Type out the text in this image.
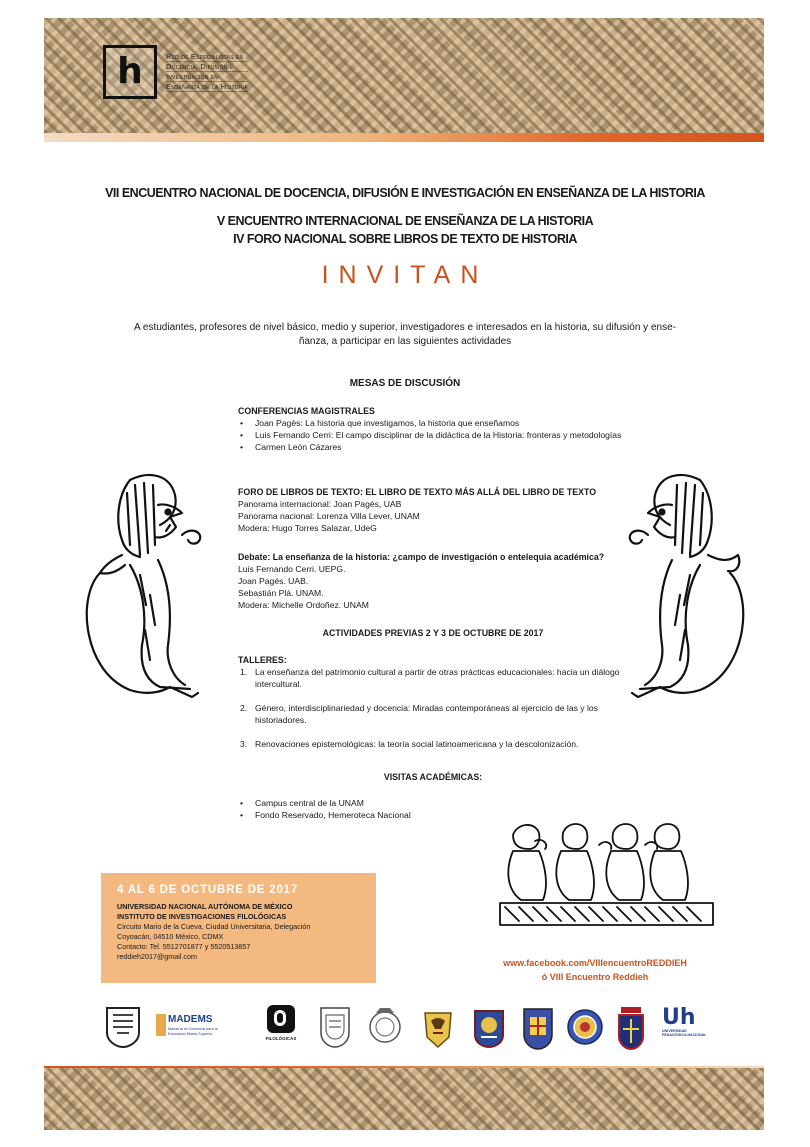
h	Red de Especialistas en
Docencia, Difusión e
Investigación en
Enseñanza de la Historia
VII ENCUENTRO NACIONAL DE DOCENCIA, DIFUSIÓN E INVESTIGACIÓN EN ENSEÑANZA DE LA HISTORIA
V ENCUENTRO INTERNACIONAL DE ENSEÑANZA DE LA HISTORIA
IV FORO NACIONAL SOBRE LIBROS DE TEXTO DE HISTORIA
INVITAN
A estudiantes, profesores de nivel básico, medio y superior, investigadores e interesados en la historia, su difusión y ense-ñanza, a participar en las siguientes actividades
MESAS DE DISCUSIÓN
CONFERENCIAS MAGISTRALES
• Joan Pagès: La historia que investigamos, la historia que enseñamos
• Luis Fernando Cerri: El campo disciplinar de la didáctica de la Historia: fronteras y metodologías
• Carmen León Cázares
FORO DE LIBROS DE TEXTO: EL LIBRO DE TEXTO MÁS ALLÁ DEL LIBRO DE TEXTO
Panorama internacional: Joan Pagès, UAB
Panorama nacional: Lorenza Villa Lever, UNAM
Modera: Hugo Torres Salazar, UdeG
Debate: La enseñanza de la historia: ¿campo de investigación o entelequia académica?
Luis Fernando Cerri. UEPG.
Joan Pagés. UAB.
Sebastián Plá. UNAM.
Modera: Michelle Ordoñez. UNAM
ACTIVIDADES PREVIAS 2 Y 3 DE OCTUBRE DE 2017
TALLERES:
1. La enseñanza del patrimonio cultural a partir de otras prácticas educacionales: hacia un diálogo intercultural.
2. Género, interdisciplinariedad y docencia: Miradas contemporáneas al ejercicio de las y los historiadores.
3. Renovaciones epistemológicas: la teoría social latinoamericana y la descolonización.
VISITAS ACADÉMICAS:
• Campus central de la UNAM
• Fondo Reservado, Hemeroteca Nacional
4 AL 6 DE OCTUBRE DE 2017
UNIVERSIDAD NACIONAL AUTÓNOMA DE MÉXICO
INSTITUTO DE INVESTIGACIONES FILOLÓGICAS
Circuito Mario de la Cueva, Ciudad Universitaria, Delegación
Coyoacán, 04510 México, CDMX
Contacto: Tel. 5512701877 y 5520513857
reddieh2017@gmail.com
www.facebook.com/VIIIencuentroREDDIEH
ó VIII Encuentro Reddieh
MADEMS
Maestría en Docencia para la Educación Media Superior
FILOLÓGICAS
Uh
UNIVERSIDAD PEDAGÓGICA NACIONAL
